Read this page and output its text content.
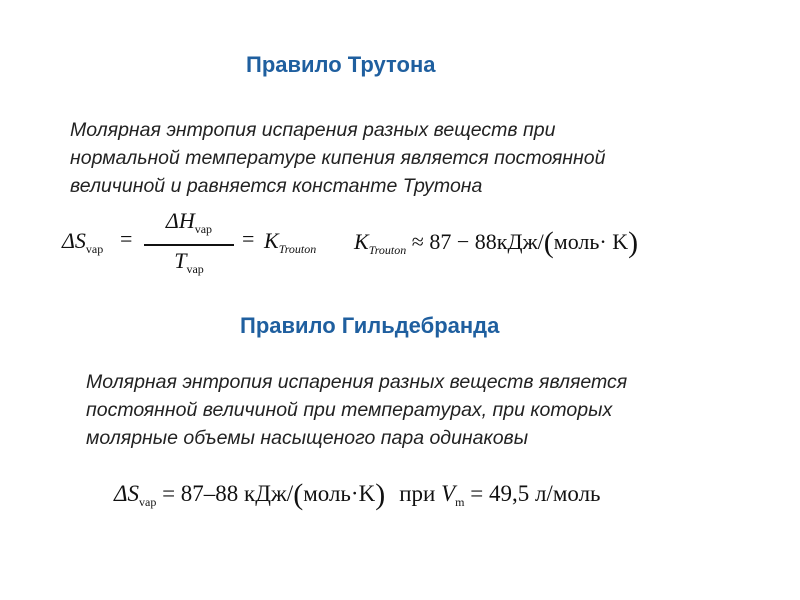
Правило Трутона
Молярная энтропия испарения разных веществ при
нормальной температуре кипения является постоянной
величиной и равняется константе Трутона
$\Delta S_{vap}$ =
$\Delta H_{vap}$
$T_{vap}$
= $K_{Trouton}$ $K_{Trouton} \approx 87$ − 88кДж/(моль· K)
Правило Гильдебранда
Молярная энтропия испарения разных веществ является
постоянной величиной при температурах, при которых
молярные объемы насыщеного пара одинаковы
$\Delta S_{vap} = 87-88$ кДж/(моль·K) при $V_m = 49,5$ л/моль
